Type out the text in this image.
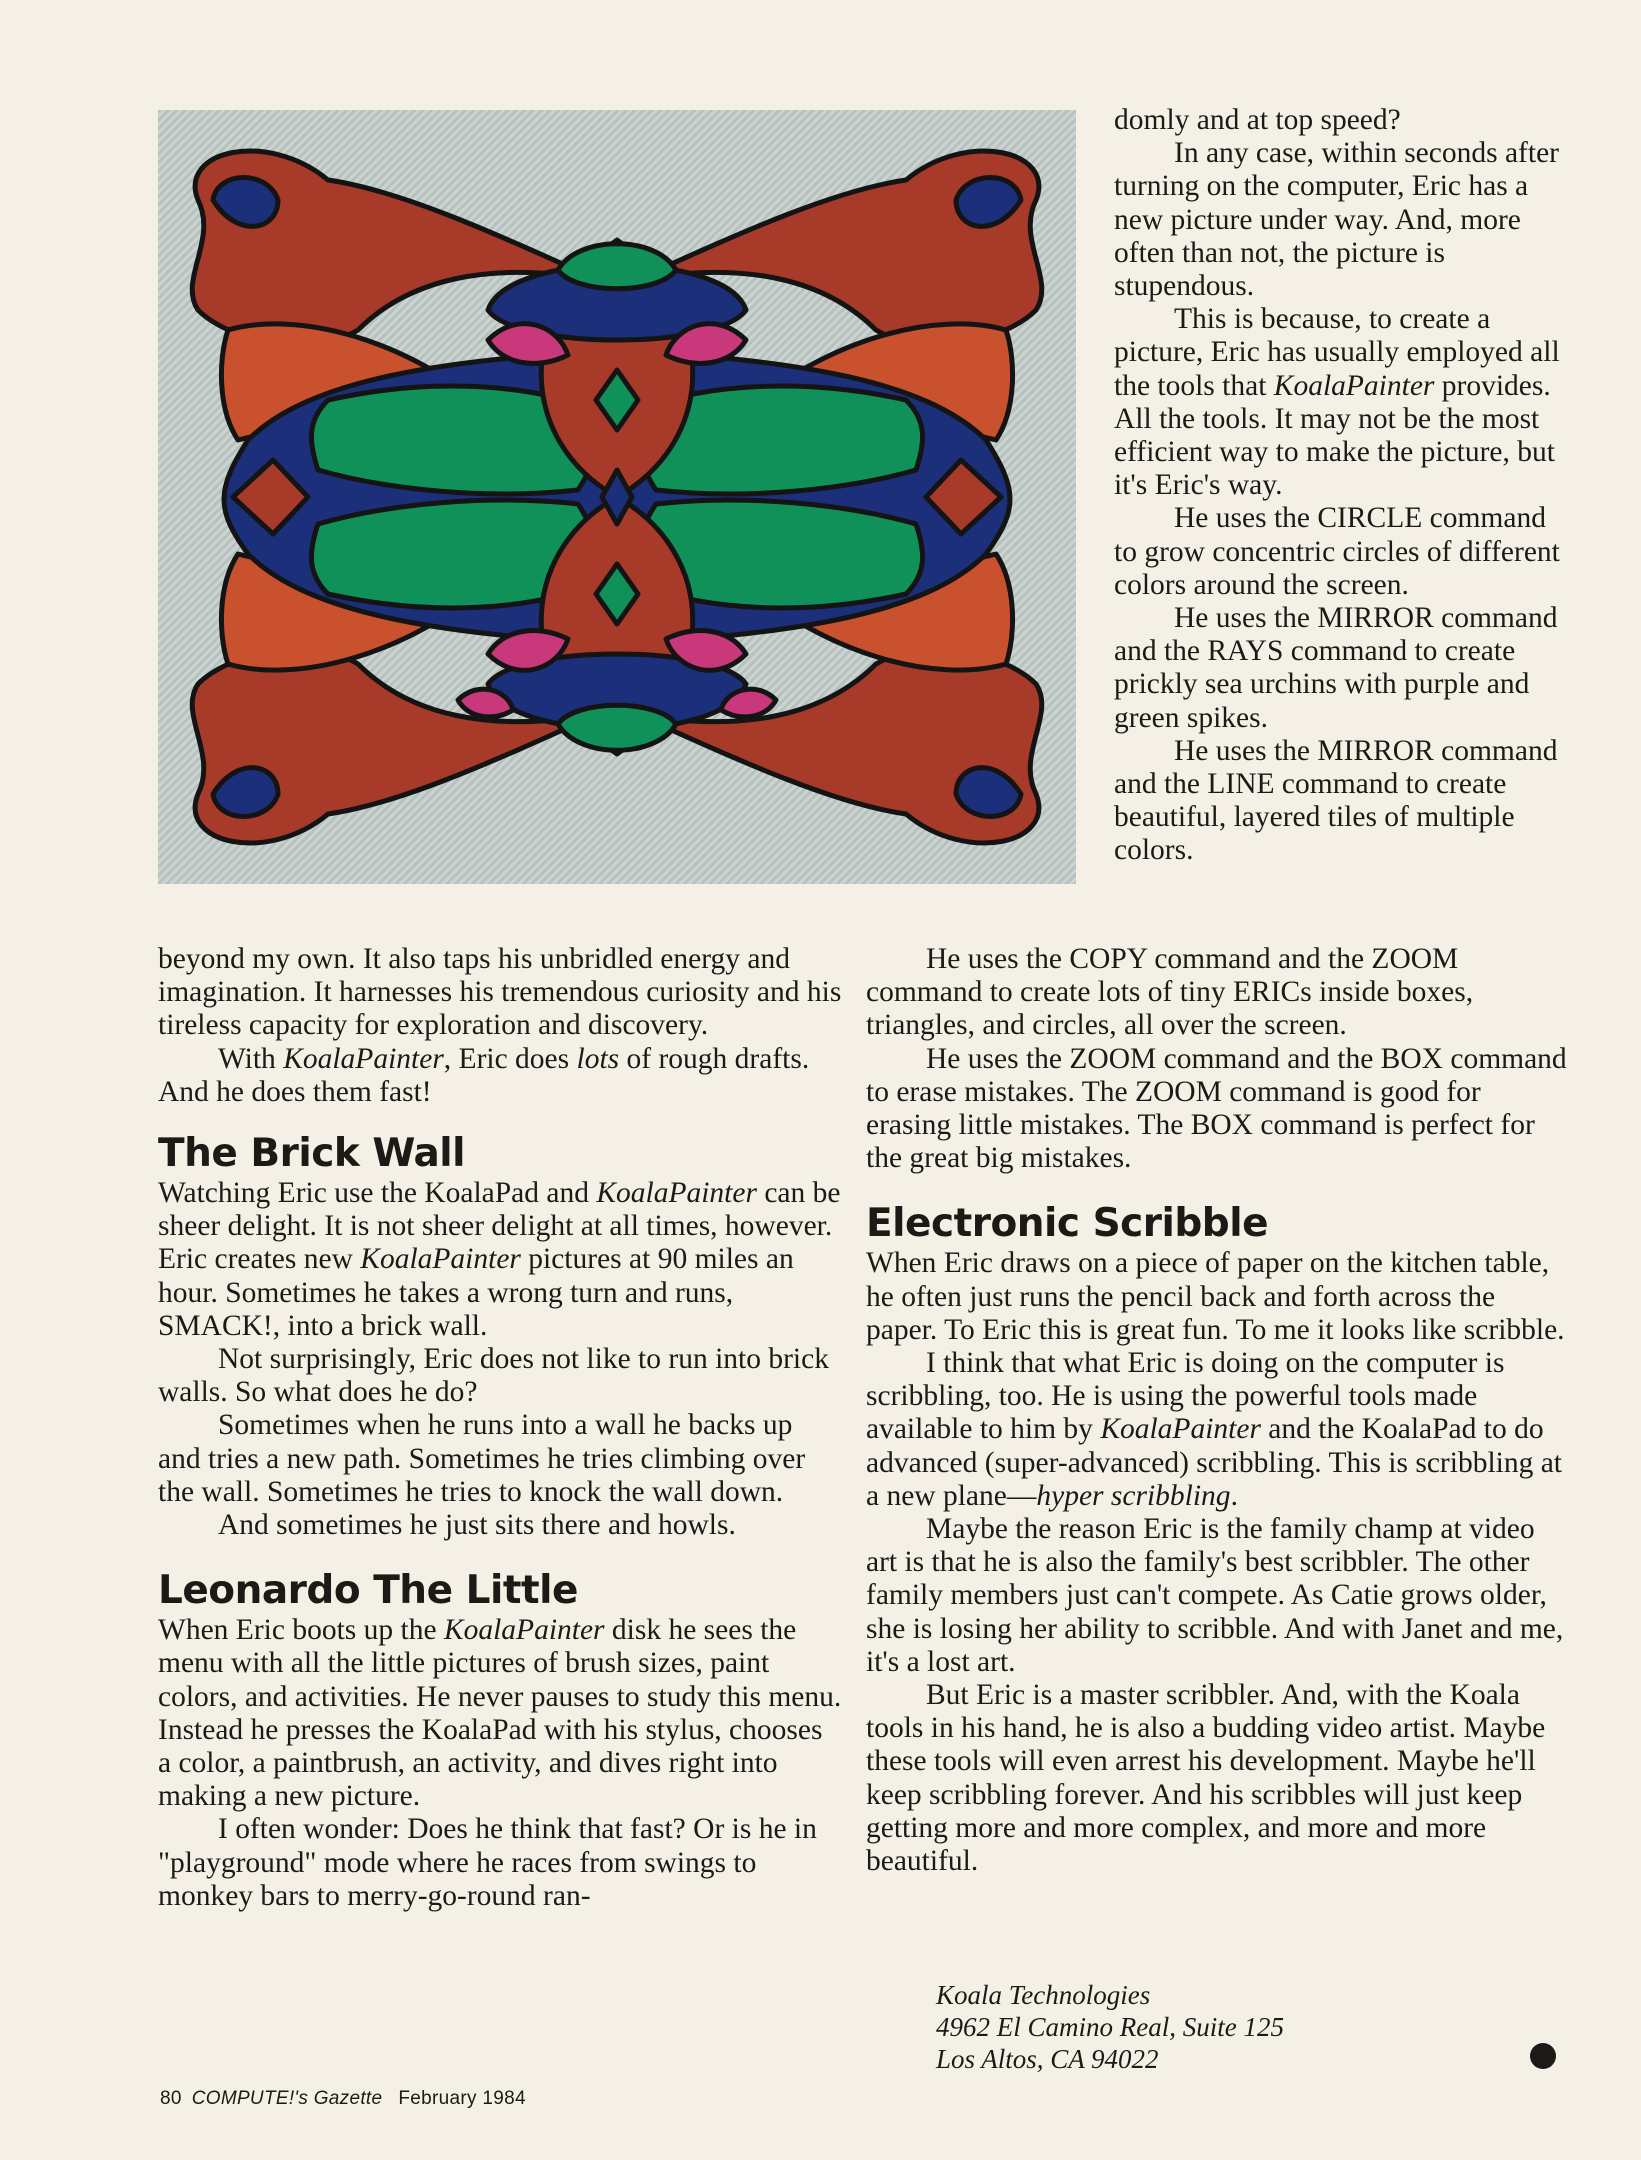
domly and at top speed?

In any case, within seconds after turning on the computer, Eric has a new picture under way. And, more often than not, the picture is stupendous.

This is because, to create a picture, Eric has usually employed all the tools that KoalaPainter provides. All the tools. It may not be the most efficient way to make the picture, but it's Eric's way.

He uses the CIRCLE command to grow concentric circles of different colors around the screen.

He uses the MIRROR command and the RAYS command to create prickly sea urchins with purple and green spikes.

He uses the MIRROR command and the LINE command to create beautiful, layered tiles of multiple colors.

beyond my own. It also taps his unbridled energy and imagination. It harnesses his tremendous curiosity and his tireless capacity for exploration and discovery.

With KoalaPainter, Eric does lots of rough drafts. And he does them fast!

The Brick Wall

Watching Eric use the KoalaPad and KoalaPainter can be sheer delight. It is not sheer delight at all times, however. Eric creates new KoalaPainter pictures at 90 miles an hour. Sometimes he takes a wrong turn and runs, SMACK!, into a brick wall.

Not surprisingly, Eric does not like to run into brick walls. So what does he do?

Sometimes when he runs into a wall he backs up and tries a new path. Sometimes he tries climbing over the wall. Sometimes he tries to knock the wall down.

And sometimes he just sits there and howls.

Leonardo The Little

When Eric boots up the KoalaPainter disk he sees the menu with all the little pictures of brush sizes, paint colors, and activities. He never pauses to study this menu. Instead he presses the KoalaPad with his stylus, chooses a color, a paintbrush, an activity, and dives right into making a new picture.

I often wonder: Does he think that fast? Or is he in "playground" mode where he races from swings to monkey bars to merry-go-round ran-

He uses the COPY command and the ZOOM command to create lots of tiny ERICs inside boxes, triangles, and circles, all over the screen.

He uses the ZOOM command and the BOX command to erase mistakes. The ZOOM command is good for erasing little mistakes. The BOX command is perfect for the great big mistakes.

Electronic Scribble

When Eric draws on a piece of paper on the kitchen table, he often just runs the pencil back and forth across the paper. To Eric this is great fun. To me it looks like scribble.

I think that what Eric is doing on the computer is scribbling, too. He is using the powerful tools made available to him by KoalaPainter and the KoalaPad to do advanced (super-advanced) scribbling. This is scribbling at a new plane—hyper scribbling.

Maybe the reason Eric is the family champ at video art is that he is also the family's best scribbler. The other family members just can't compete. As Catie grows older, she is losing her ability to scribble. And with Janet and me, it's a lost art.

But Eric is a master scribbler. And, with the Koala tools in his hand, he is also a budding video artist. Maybe these tools will even arrest his development. Maybe he'll keep scribbling forever. And his scribbles will just keep getting more and more complex, and more and more beautiful.

Koala Technologies
4962 El Camino Real, Suite 125
Los Altos, CA 94022
80 COMPUTE!'s Gazette February 1984
